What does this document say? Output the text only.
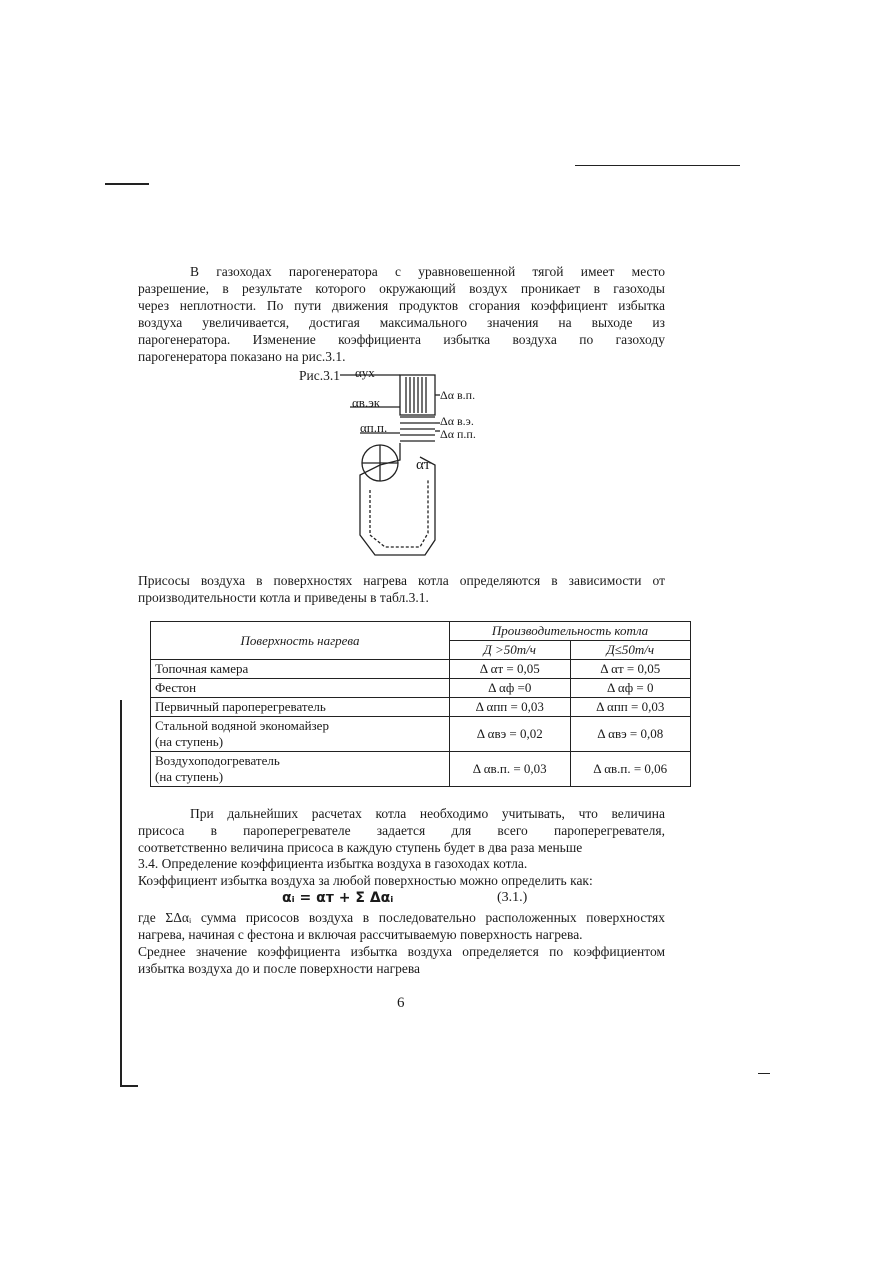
В газоходах парогенератора с уравновешенной тягой имеет место
разрешение, в результате которого окружающий воздух проникает в газоходы
через неплотности. По пути движения продуктов сгорания коэффициент избытка
воздуха увеличивается, достигая максимального значения на выходе из
парогенератора. Изменение коэффициента избытка воздуха по газоходу
парогенератора показано на рис.3.1.
Рис.3.1 αух
αв.эк
αп.п.
Δα в.п.
Δα в.э.
Δα п.п.
αт
Присосы воздуха в поверхностях нагрева котла определяются в зависимости от
производительности котла и приведены в табл.3.1.
Поверхность нагрева	Производительность котла	
	Д >50т/ч	Д≤50т/ч
Топочная камера	Δ αт = 0,05	Δ αт = 0,05
Фестон	Δ αф =0	Δ αф = 0
Первичный пароперегреватель	Δ αпп = 0,03	Δ αпп = 0,03
Стальной водяной экономайзер
(на ступень)	Δ αвэ = 0,02	Δ αвэ = 0,08
Воздухоподогреватель
(на ступень)	Δ αв.п. = 0,03	Δ αв.п. = 0,06
При дальнейших расчетах котла необходимо учитывать, что величина
присоса в пароперегревателе задается для всего пароперегревателя,
соответственно величина присоса в каждую ступень будет в два раза меньше
3.4. Определение коэффициента избытка воздуха в газоходах котла.
Коэффициент избытка воздуха за любой поверхностью можно определить как:
αᵢ = αт + Σ Δαᵢ	(3.1.)
где ΣΔαᵢ сумма присосов воздуха в последовательно расположенных поверхностях
нагрева, начиная с фестона и включая рассчитываемую поверхность нагрева.
Среднее значение коэффициента избытка воздуха определяется по коэффициентом
избытка воздуха до и после поверхности нагрева
6
